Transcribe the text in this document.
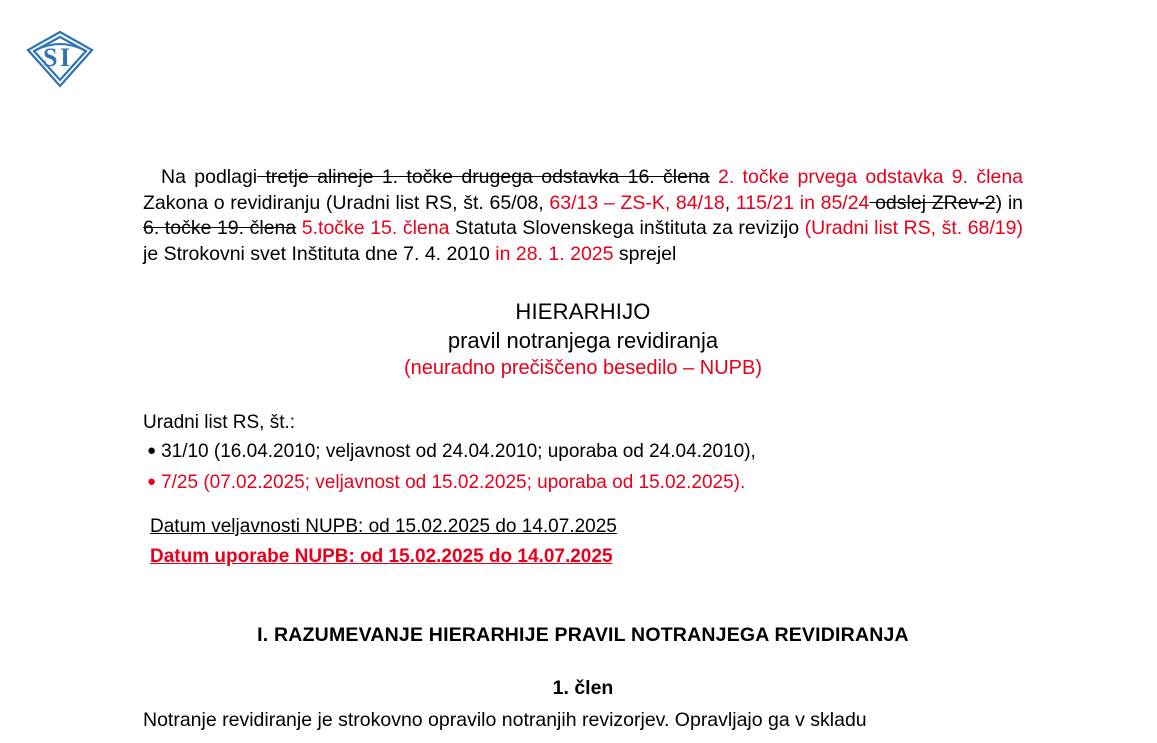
S I

Na podlagi tretje alineje 1. točke drugega odstavka 16. člena 2. točke prvega odstavka 9. člena Zakona o revidiranju (Uradni list RS, št. 65/08, 63/13 – ZS-K, 84/18, 115/21 in 85/24 odslej ZRev-2) in 6. točke 19. člena 5.točke 15. člena Statuta Slovenskega inštituta za revizijo (Uradni list RS, št. 68/19) je Strokovni svet Inštituta dne 7. 4. 2010 in 28. 1. 2025 sprejel

HIERARHIJO
pravil notranjega revidiranja
(neuradno prečiščeno besedilo – NUPB)
Uradni list RS, št.:
● 31/10 (16.04.2010; veljavnost od 24.04.2010; uporaba od 24.04.2010),
● 7/25 (07.02.2025; veljavnost od 15.02.2025; uporaba od 15.02.2025).
Datum veljavnosti NUPB: od 15.02.2025 do 14.07.2025
Datum uporabe NUPB: od 15.02.2025 do 14.07.2025
I. RAZUMEVANJE HIERARHIJE PRAVIL NOTRANJEGA REVIDIRANJA
1. člen
Notranje revidiranje je strokovno opravilo notranjih revizorjev. Opravljajo ga v skladu
